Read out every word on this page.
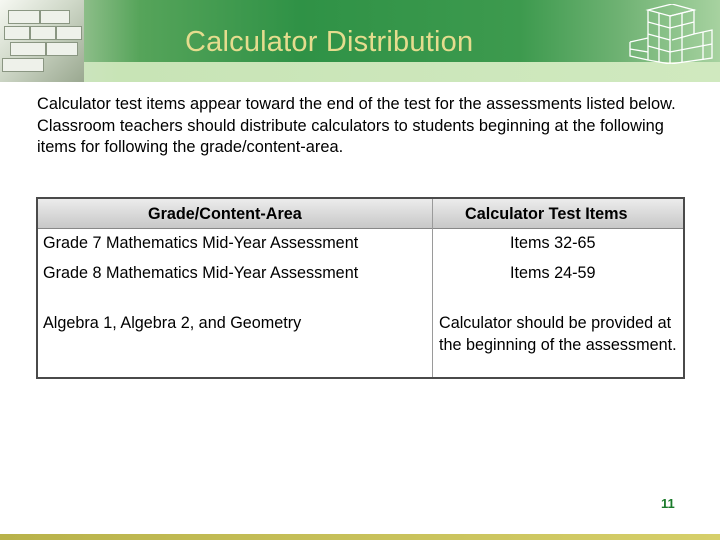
Calculator Distribution
Calculator test items appear toward the end of the test for the assessments listed below. Classroom teachers should distribute calculators to students beginning at the following items for following the grade/content-area.
Grade/Content-Area	Calculator Test Items
Grade 7 Mathematics Mid-Year Assessment	Items 32-65
Grade 8 Mathematics Mid-Year Assessment	Items 24-59
Algebra 1, Algebra 2, and Geometry	Calculator should be provided at the beginning of the assessment.
11
